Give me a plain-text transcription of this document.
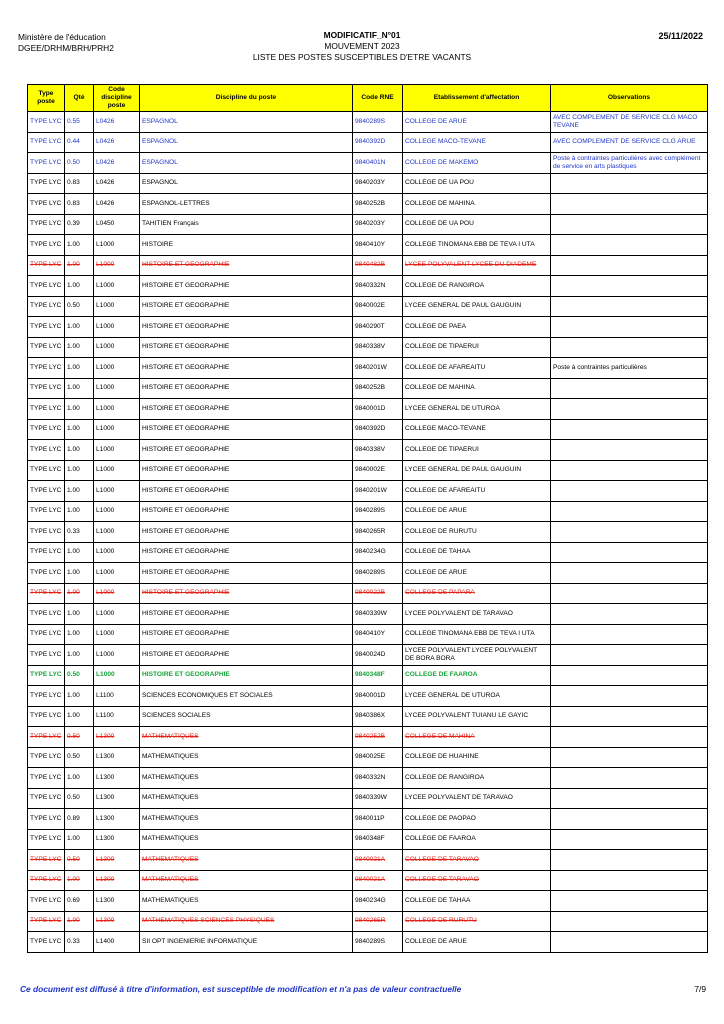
Ministère de l'éducation
DGEE/DRHM/BRH/PRH2
MODIFICATIF_N°01
MOUVEMENT 2023
LISTE DES POSTES SUSCEPTIBLES D'ETRE VACANTS
25/11/2022
Type poste	Qté	Code discipline poste	Discipline du poste	Code RNE	Etablissement d'affectation	Observations
TYPE LYC	0.55	L0426	ESPAGNOL	9840289S	COLLEGE DE ARUE	AVEC COMPLEMENT DE SERVICE CLG MACO TEVANE
TYPE LYC	0.44	L0426	ESPAGNOL	9840392D	COLLEGE MACO-TEVANE	AVEC COMPLEMENT DE SERVICE CLG ARUE
TYPE LYC	0.50	L0426	ESPAGNOL	9840401N	COLLEGE DE MAKEMO	Poste à contraintes particulières avec complément de service en arts plastiques
TYPE LYC	0.83	L0426	ESPAGNOL	9840203Y	COLLEGE DE UA POU	
TYPE LYC	0.83	L0426	ESPAGNOL-LETTRES	9840252B	COLLEGE DE MAHINA	
TYPE LYC	0.39	L0450	TAHITIEN Français	9840203Y	COLLEGE DE UA POU	
TYPE LYC	1.00	L1000	HISTOIRE	9840410Y	COLLEGE TINOMANA EBB DE TEVA I UTA	
TYPE LYC	1.00	L1000	HISTOIRE ET GEOGRAPHIE	9840482B	LYCEE POLYVALENT LYCEE DU DIADEME	
TYPE LYC	1.00	L1000	HISTOIRE ET GEOGRAPHIE	9840332N	COLLEGE DE RANGIROA	
TYPE LYC	0.50	L1000	HISTOIRE ET GEOGRAPHIE	9840002E	LYCEE GENERAL DE PAUL GAUGUIN	
TYPE LYC	1.00	L1000	HISTOIRE ET GEOGRAPHIE	9840290T	COLLEGE DE PAEA	
TYPE LYC	1.00	L1000	HISTOIRE ET GEOGRAPHIE	9840338V	COLLEGE DE TIPAERUI	
TYPE LYC	1.00	L1000	HISTOIRE ET GEOGRAPHIE	9840201W	COLLEGE DE AFAREAITU	Poste à contraintes particulières
TYPE LYC	1.00	L1000	HISTOIRE ET GEOGRAPHIE	9840252B	COLLEGE DE MAHINA	
TYPE LYC	1.00	L1000	HISTOIRE ET GEOGRAPHIE	9840001D	LYCEE GENERAL DE UTUROA	
TYPE LYC	1.00	L1000	HISTOIRE ET GEOGRAPHIE	9840392D	COLLEGE MACO-TEVANE	
TYPE LYC	1.00	L1000	HISTOIRE ET GEOGRAPHIE	9840338V	COLLEGE DE TIPAERUI	
TYPE LYC	1.00	L1000	HISTOIRE ET GEOGRAPHIE	9840002E	LYCEE GENERAL DE PAUL GAUGUIN	
TYPE LYC	1.00	L1000	HISTOIRE ET GEOGRAPHIE	9840201W	COLLEGE DE AFAREAITU	
TYPE LYC	1.00	L1000	HISTOIRE ET GEOGRAPHIE	9840289S	COLLEGE DE ARUE	
TYPE LYC	0.33	L1000	HISTOIRE ET GEOGRAPHIE	9840265R	COLLEGE DE RURUTU	
TYPE LYC	1.00	L1000	HISTOIRE ET GEOGRAPHIE	9840234G	COLLEGE DE TAHAA	
TYPE LYC	1.00	L1000	HISTOIRE ET GEOGRAPHIE	9840289S	COLLEGE DE ARUE	
TYPE LYC	1.00	L1000	HISTOIRE ET GEOGRAPHIE	9840022B	COLLEGE DE PAPARA	
TYPE LYC	1.00	L1000	HISTOIRE ET GEOGRAPHIE	9840339W	LYCEE POLYVALENT DE TARAVAO	
TYPE LYC	1.00	L1000	HISTOIRE ET GEOGRAPHIE	9840410Y	COLLEGE TINOMANA EBB DE TEVA I UTA	
TYPE LYC	1.00	L1000	HISTOIRE ET GEOGRAPHIE	9840024D	LYCEE POLYVALENT LYCEE POLYVALENT DE BORA BORA	
TYPE LYC	0.50	L1000	HISTOIRE ET GEOGRAPHIE	9840348F	COLLEGE DE FAAROA	
TYPE LYC	1.00	L1100	SCIENCES ECONOMIQUES ET SOCIALES	9840001D	LYCEE GENERAL DE UTUROA	
TYPE LYC	1.00	L1100	SCIENCES SOCIALES	9840386X	LYCEE POLYVALENT TUIANU LE GAYIC	
TYPE LYC	0.50	L1300	MATHEMATIQUES	9840252B	COLLEGE DE MAHINA	
TYPE LYC	0.50	L1300	MATHEMATIQUES	9840025E	COLLEGE DE HUAHINE	
TYPE LYC	1.00	L1300	MATHEMATIQUES	9840332N	COLLEGE DE RANGIROA	
TYPE LYC	0.50	L1300	MATHEMATIQUES	9840339W	LYCEE POLYVALENT DE TARAVAO	
TYPE LYC	0.89	L1300	MATHEMATIQUES	9840011P	COLLEGE DE PAOPAO	
TYPE LYC	1.00	L1300	MATHEMATIQUES	9840348F	COLLEGE DE FAAROA	
TYPE LYC	0.50	L1300	MATHEMATIQUES	9840021A	COLLEGE DE TARAVAO	
TYPE LYC	1.00	L1300	MATHEMATIQUES	9840021A	COLLEGE DE TARAVAO	
TYPE LYC	0.69	L1300	MATHEMATIQUES	9840234G	COLLEGE DE TAHAA	
TYPE LYC	1.00	L1300	MATHEMATIQUES SCIENCES PHYSIQUES	9840265R	COLLEGE DE RURUTU	
TYPE LYC	0.33	L1400	SII OPT INGENIERIE INFORMATIQUE	9840289S	COLLEGE DE ARUE	
Ce document est diffusé à titre d'information, est susceptible de modification et n'a pas de valeur contractuelle	7/9
